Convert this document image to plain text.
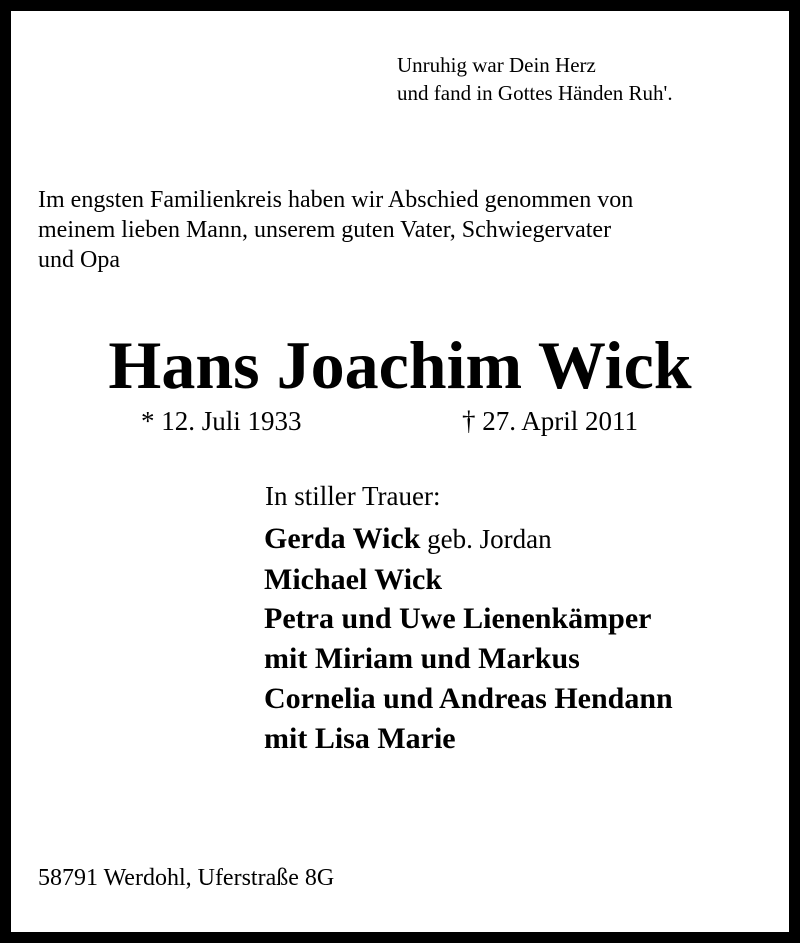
Unruhig war Dein Herz
und fand in Gottes Händen Ruh'.
Im engsten Familienkreis haben wir Abschied genommen von
meinem lieben Mann, unserem guten Vater, Schwiegervater
und Opa
Hans Joachim Wick
* 12. Juli 1933	† 27. April 2011
In stiller Trauer:
Gerda Wick geb. Jordan
Michael Wick
Petra und Uwe Lienenkämper
mit Miriam und Markus
Cornelia und Andreas Hendann
mit Lisa Marie
58791 Werdohl, Uferstraße 8G
